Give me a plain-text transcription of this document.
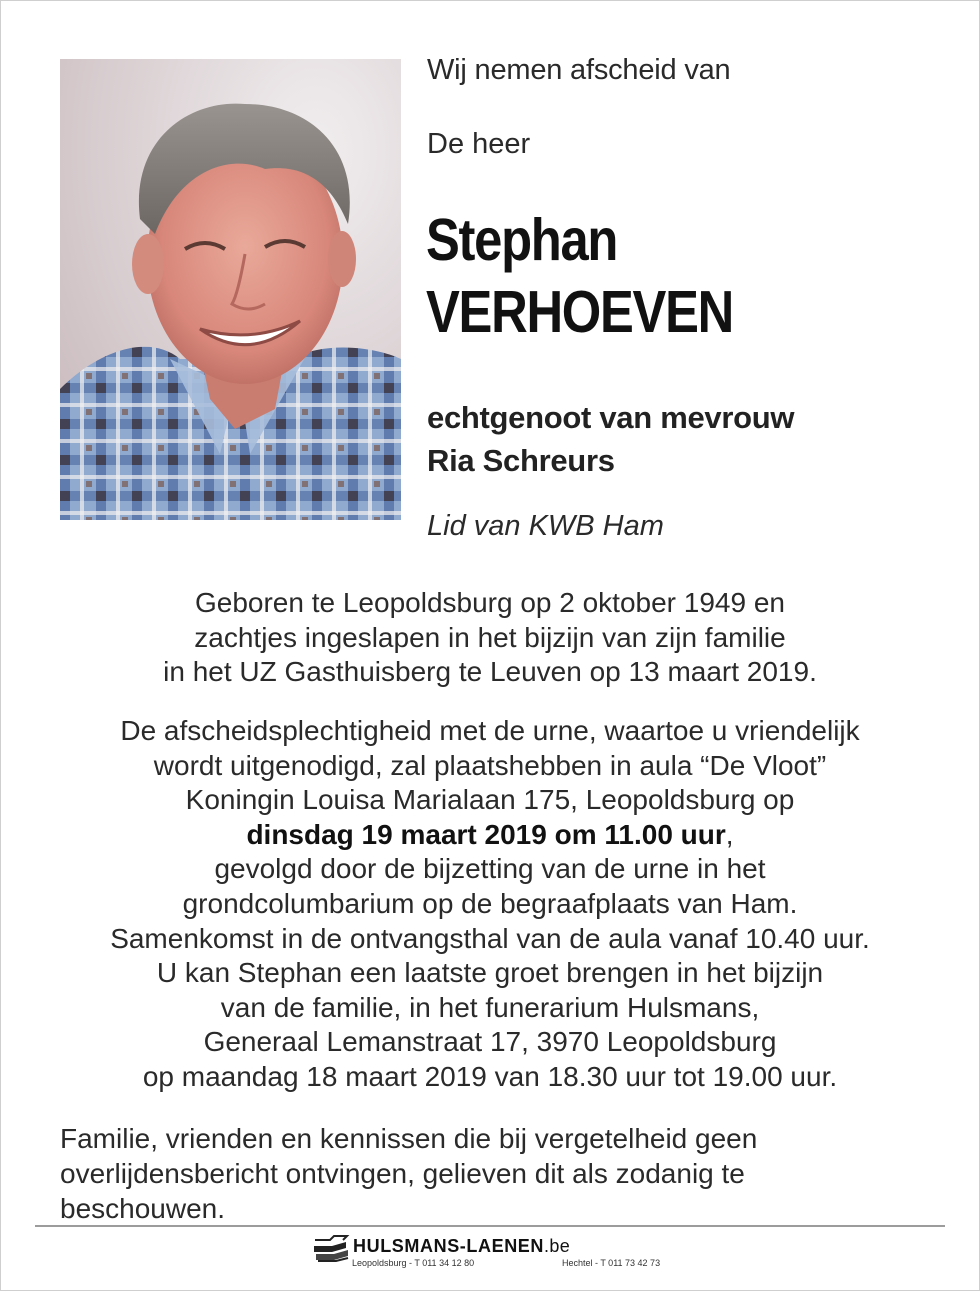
Wij nemen afscheid van
De heer
Stephan
VERHOEVEN
echtgenoot van mevrouw
Ria Schreurs
Lid van KWB Ham
Geboren te Leopoldsburg op 2 oktober 1949 en
zachtjes ingeslapen in het bijzijn van zijn familie
in het UZ Gasthuisberg te Leuven op 13 maart 2019.
De afscheidsplechtigheid met de urne, waartoe u vriendelijk
wordt uitgenodigd, zal plaatshebben in aula “De Vloot”
Koningin Louisa Marialaan 175, Leopoldsburg op
dinsdag 19 maart 2019 om 11.00 uur,
gevolgd door de bijzetting van de urne in het
grondcolumbarium op de begraafplaats van Ham.
Samenkomst in de ontvangsthal van de aula vanaf 10.40 uur.
U kan Stephan een laatste groet brengen in het bijzijn
van de familie, in het funerarium Hulsmans,
Generaal Lemanstraat 17, 3970 Leopoldsburg
op maandag 18 maart 2019 van 18.30 uur tot 19.00 uur.
Familie, vrienden en kennissen die bij vergetelheid geen overlijdensbericht ontvingen, gelieven dit als zodanig te beschouwen.
HULSMANS-LAENEN.be
Leopoldsburg - T 011 34 12 80	Hechtel - T 011 73 42 73
